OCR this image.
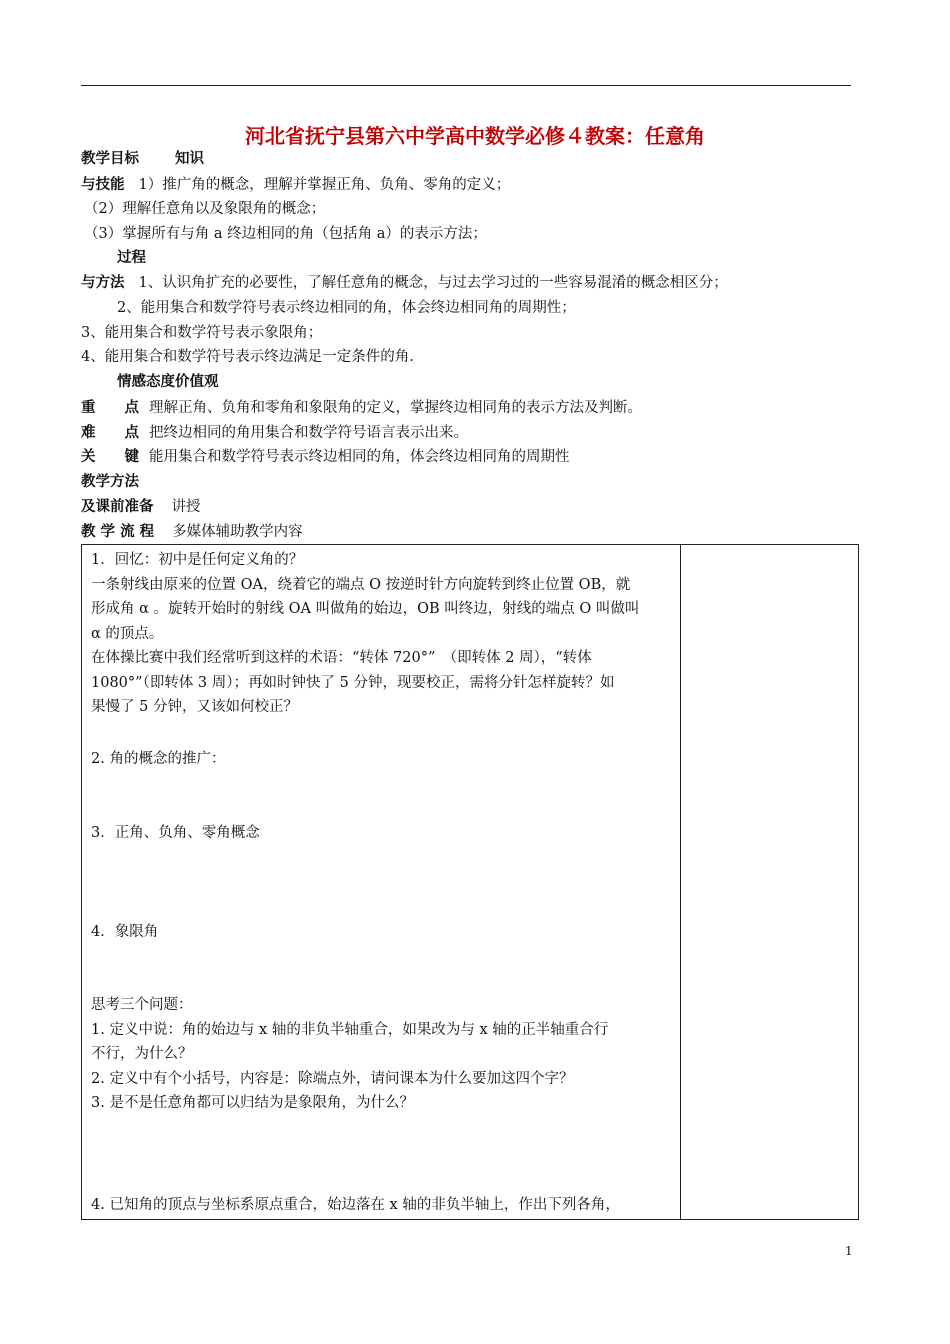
河北省抚宁县第六中学高中数学必修４教案：任意角
教学目标 知识
与技能 1）推广角的概念，理解并掌握正角、负角、零角的定义；
（2）理解任意角以及象限角的概念；
（3）掌握所有与角 a 终边相同的角（包括角 a）的表示方法；
过程
与方法 1、认识角扩充的必要性，了解任意角的概念，与过去学习过的一些容易混淆的概念相区分；
2、能用集合和数学符号表示终边相同的角，体会终边相同角的周期性；
3、能用集合和数学符号表示象限角；
4、能用集合和数学符号表示终边满足一定条件的角.
情感态度价值观
重　　点 理解正角、负角和零角和象限角的定义，掌握终边相同角的表示方法及判断。
难　　点 把终边相同的角用集合和数学符号语言表示出来。
关　　键 能用集合和数学符号表示终边相同的角，体会终边相同角的周期性
教学方法
及课前准备 讲授
教 学 流 程 多媒体辅助教学内容
1．回忆：初中是任何定义角的？
一条射线由原来的位置 OA，绕着它的端点 O 按逆时针方向旋转到终止位置 OB，就
形成角 α 。旋转开始时的射线 OA 叫做角的始边，OB 叫终边，射线的端点 O 叫做叫
α 的顶点。
在体操比赛中我们经常听到这样的术语：“转体 720°”　（即转体 2 周），“转体
1080°”（即转体 3 周）；再如时钟快了 5 分钟，现要校正，需将分针怎样旋转？如
果慢了 5 分钟，又该如何校正？
2. 角的概念的推广：
3．正角、负角、零角概念
4．象限角
思考三个问题：
1. 定义中说：角的始边与 x 轴的非负半轴重合，如果改为与 x 轴的正半轴重合行
不行，为什么？
2. 定义中有个小括号，内容是：除端点外，请问课本为什么要加这四个字？
3. 是不是任意角都可以归结为是象限角，为什么？
4. 已知角的顶点与坐标系原点重合，始边落在 x 轴的非负半轴上，作出下列各角，
1
